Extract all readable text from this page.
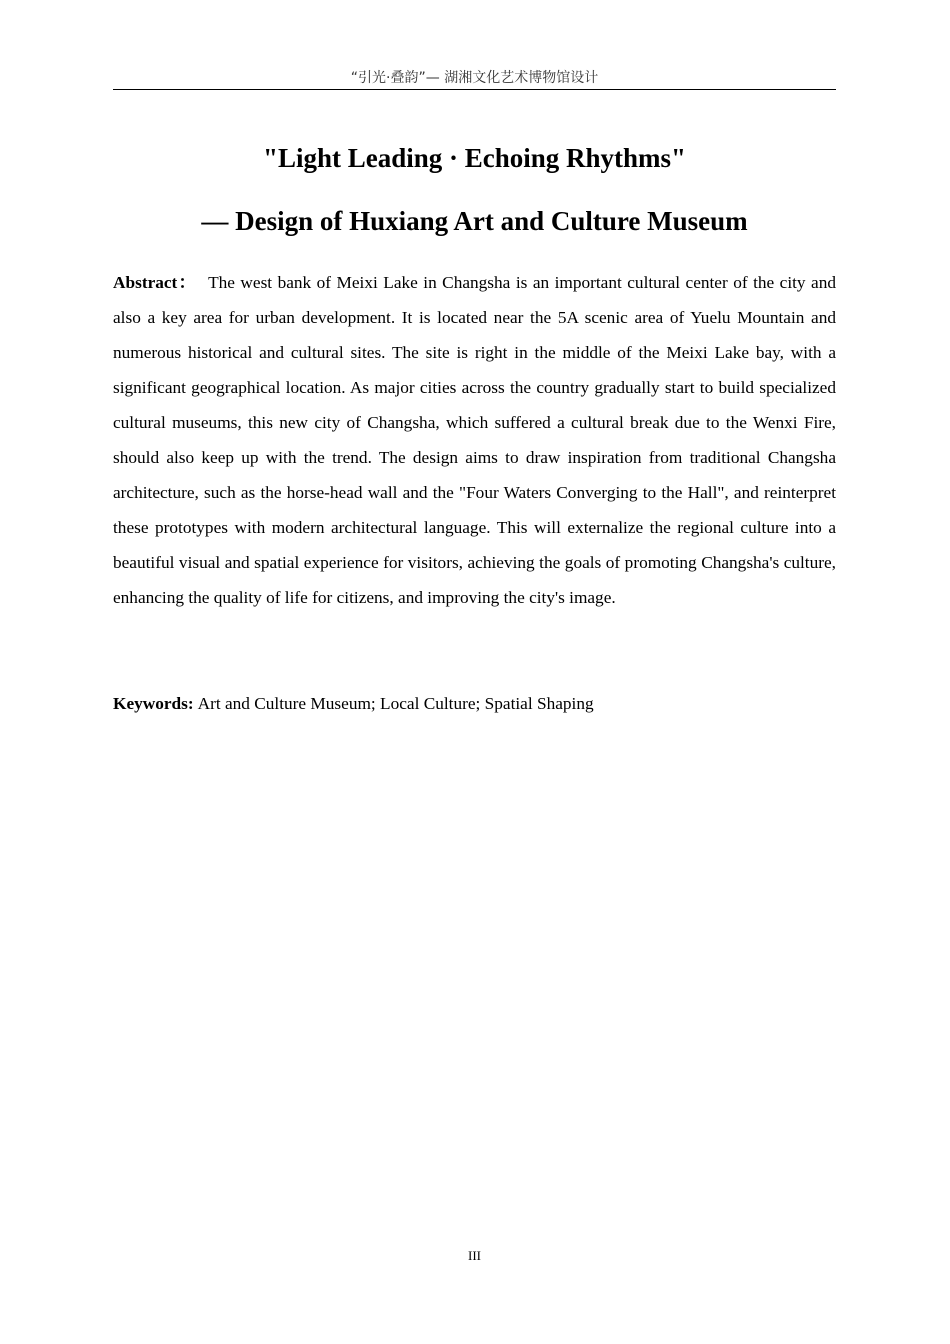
“引光·叠韵”— 湖湘文化艺术博物馆设计
"Light Leading · Echoing Rhythms"
— Design of Huxiang Art and Culture Museum

Abstract： The west bank of Meixi Lake in Changsha is an important cultural center of the city and also a key area for urban development. It is located near the 5A scenic area of Yuelu Mountain and numerous historical and cultural sites. The site is right in the middle of the Meixi Lake bay, with a significant geographical location. As major cities across the country gradually start to build specialized cultural museums, this new city of Changsha, which suffered a cultural break due to the Wenxi Fire, should also keep up with the trend. The design aims to draw inspiration from traditional Changsha architecture, such as the horse-head wall and the "Four Waters Converging to the Hall", and reinterpret these prototypes with modern architectural language. This will externalize the regional culture into a beautiful visual and spatial experience for visitors, achieving the goals of promoting Changsha's culture, enhancing the quality of life for citizens, and improving the city's image.

Keywords: Art and Culture Museum; Local Culture; Spatial Shaping

III
